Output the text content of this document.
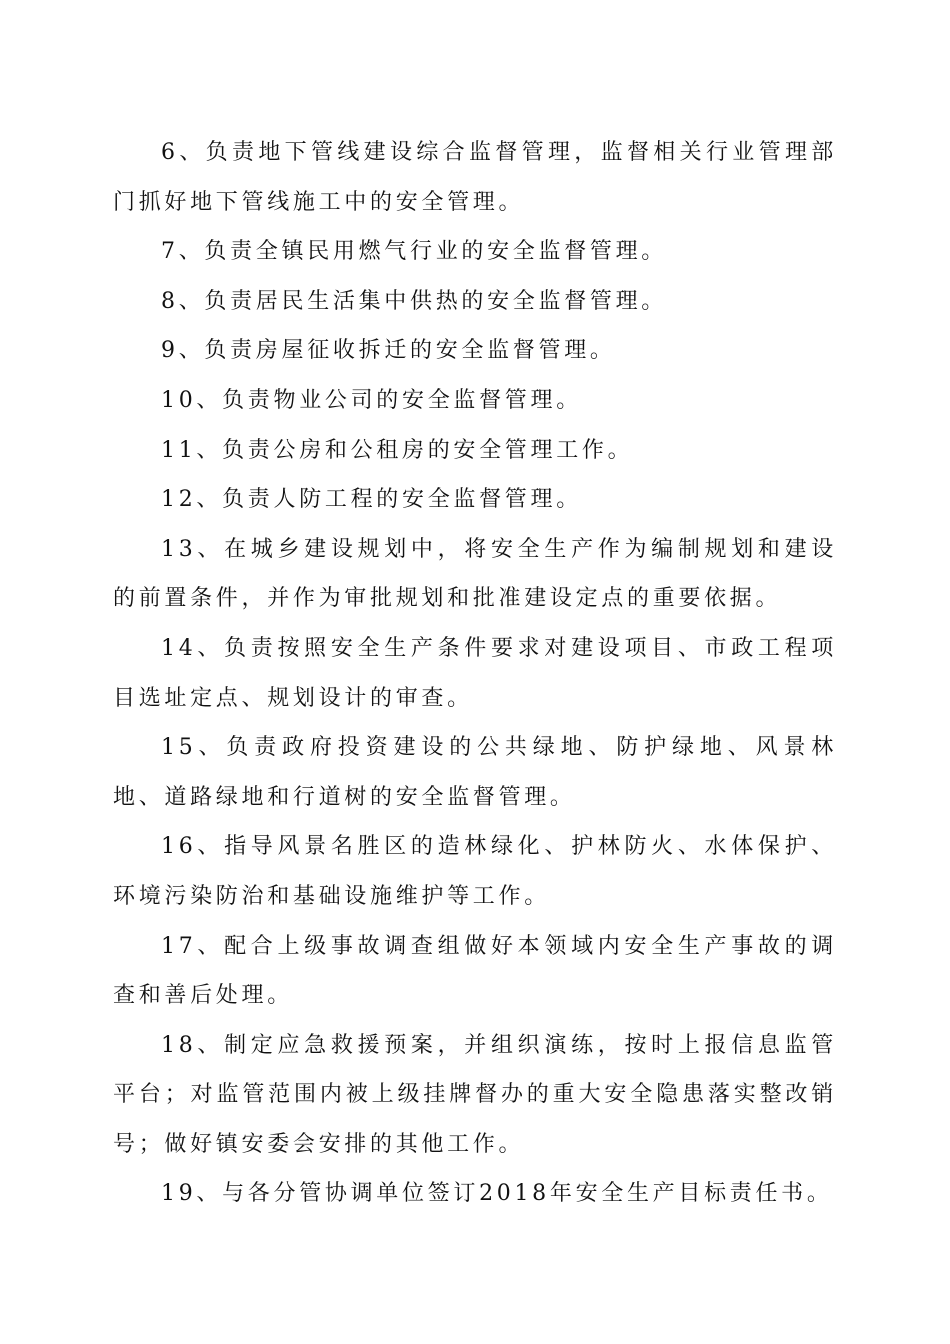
6、负责地下管线建设综合监督管理，监督相关行业管理部门抓好地下管线施工中的安全管理。

7、负责全镇民用燃气行业的安全监督管理。

8、负责居民生活集中供热的安全监督管理。

9、负责房屋征收拆迁的安全监督管理。

10、负责物业公司的安全监督管理。

11、负责公房和公租房的安全管理工作。

12、负责人防工程的安全监督管理。

13、在城乡建设规划中，将安全生产作为编制规划和建设的前置条件，并作为审批规划和批准建设定点的重要依据。

14、负责按照安全生产条件要求对建设项目、市政工程项目选址定点、规划设计的审查。

15、负责政府投资建设的公共绿地、防护绿地、风景林地、道路绿地和行道树的安全监督管理。

16、指导风景名胜区的造林绿化、护林防火、水体保护、环境污染防治和基础设施维护等工作。

17、配合上级事故调查组做好本领域内安全生产事故的调查和善后处理。

18、制定应急救援预案，并组织演练，按时上报信息监管平台；对监管范围内被上级挂牌督办的重大安全隐患落实整改销号；做好镇安委会安排的其他工作。

19、与各分管协调单位签订2018年安全生产目标责任书。
